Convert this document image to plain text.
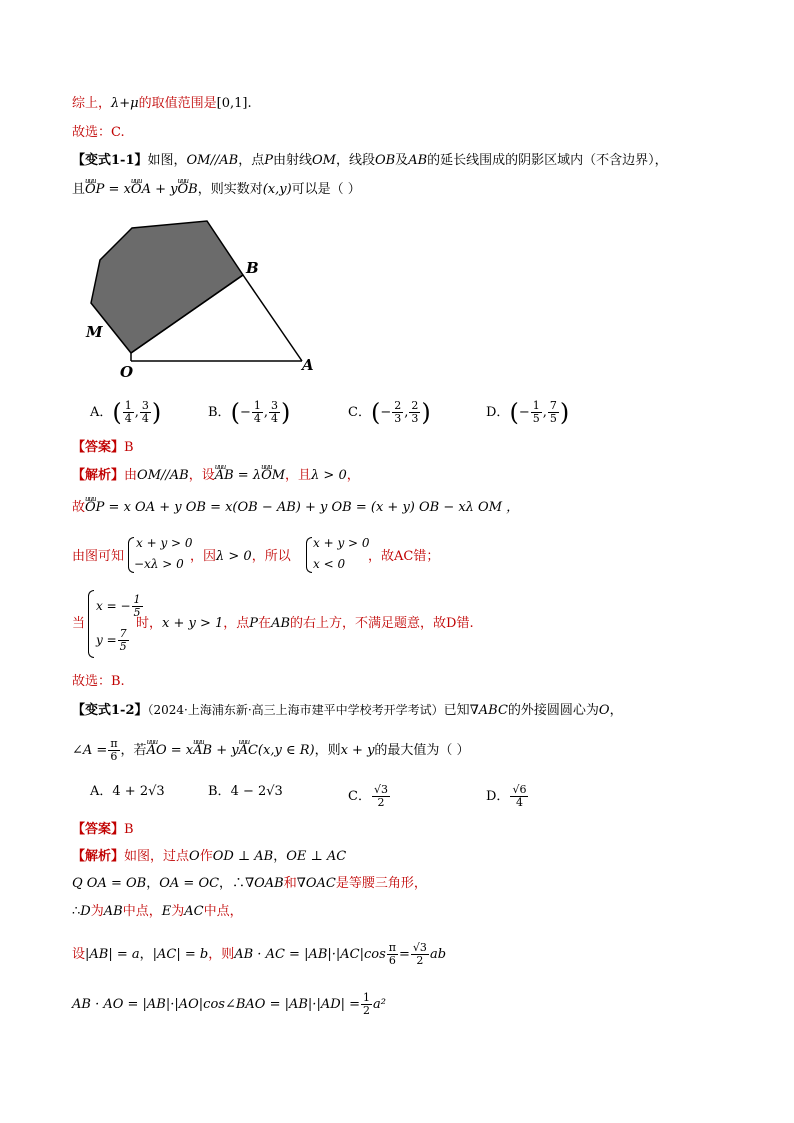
综上，λ+μ的取值范围是[0,1].
故选：C.
【变式1-1】如图，OM//AB，点P由射线OM，线段OB及AB的延长线围成的阴影区域内（不含边界），
且uuu OP = xuuu OA + yuuu OB，则实数对(x,y)可以是（ ）
B
M
O	A
A．( $\frac{1}{4}$ , $\frac{3}{4}$ )	B．(− $\frac{1}{4}$ , $\frac{3}{4}$ )	C．(− $\frac{2}{3}$ , $\frac{2}{3}$ )	D．(− $\frac{1}{5}$ , $\frac{7}{5}$ )
【答案】B
【解析】由OM//AB，设uuu AB = λuuu OM，且λ > 0，
故uuu OP = x OA + y OB = x(OB − AB) + y OB = (x + y) OB − xλ OM ，
由图可知
x + y > 0
−xλ > 0 ，因λ > 0，所以
x + y > 0
x < 0 ，故AC错；
当
x = − $\frac{1}{5}$
$y = \frac{7}{5}$
时，x + y > 1，点P在AB的右上方，不满足题意，故D错.
故选：B.
【变式1-2】（2024·上海浦东新·高三上海市建平中学校考开学考试）已知∇ABC的外接圆圆心为O，
∠A = $\frac{\pi}{6}$ ，若uuu AO = xuuu AB + yuuu AC(x,y ∈ R)，则x + y的最大值为（ ）
A．4 + 2√3	B．4 − 2√3	C． $\frac{√3}{2}$	D． $\frac{√6}{4}$
【答案】B
【解析】如图，过点O作OD ⊥ AB，OE ⊥ AC
Q OA = OB，OA = OC，∴∇OAB和∇OAC是等腰三角形，
∴D为AB中点，E为AC中点，
设|AB| = a，|AC| = b，则AB · AC = $|AB|\cdot|AC|\cos \frac{\pi}{6} = \frac{√3}{2}$ ab
AB · AO = |AB|·|AO|cos∠BAO = $|AB|\cdot|AD| = \frac{1}{2} a^2$
